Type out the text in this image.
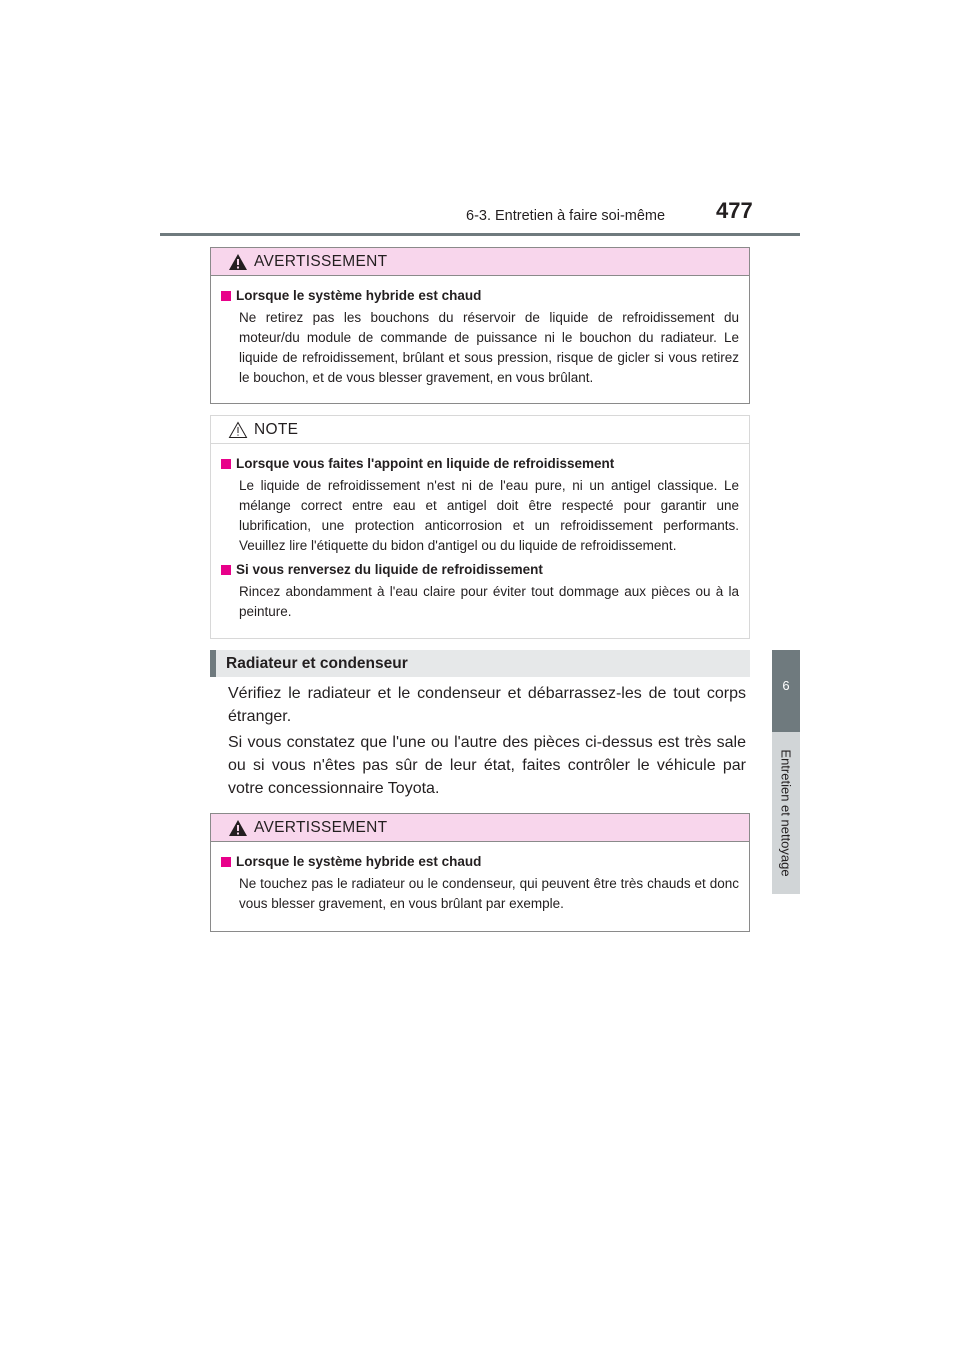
6-3. Entretien à faire soi-même 477
6
Entretien et nettoyage
AVERTISSEMENT
Lorsque le système hybride est chaud
Ne retirez pas les bouchons du réservoir de liquide de refroidissement du moteur/du module de commande de puissance ni le bouchon du radiateur. Le liquide de refroidissement, brûlant et sous pression, risque de gicler si vous retirez le bouchon, et de vous blesser gravement, en vous brûlant.
NOTE
Lorsque vous faites l'appoint en liquide de refroidissement
Le liquide de refroidissement n'est ni de l'eau pure, ni un antigel classique. Le mélange correct entre eau et antigel doit être respecté pour garantir une lubrification, une protection anticorrosion et un refroidissement performants. Veuillez lire l'étiquette du bidon d'antigel ou du liquide de refroidissement.
Si vous renversez du liquide de refroidissement
Rincez abondamment à l'eau claire pour éviter tout dommage aux pièces ou à la peinture.
Radiateur et condenseur
Vérifiez le radiateur et le condenseur et débarrassez-les de tout corps étranger.
Si vous constatez que l'une ou l'autre des pièces ci-dessus est très sale ou si vous n'êtes pas sûr de leur état, faites contrôler le véhicule par votre concessionnaire Toyota.
AVERTISSEMENT
Lorsque le système hybride est chaud
Ne touchez pas le radiateur ou le condenseur, qui peuvent être très chauds et donc vous blesser gravement, en vous brûlant par exemple.
